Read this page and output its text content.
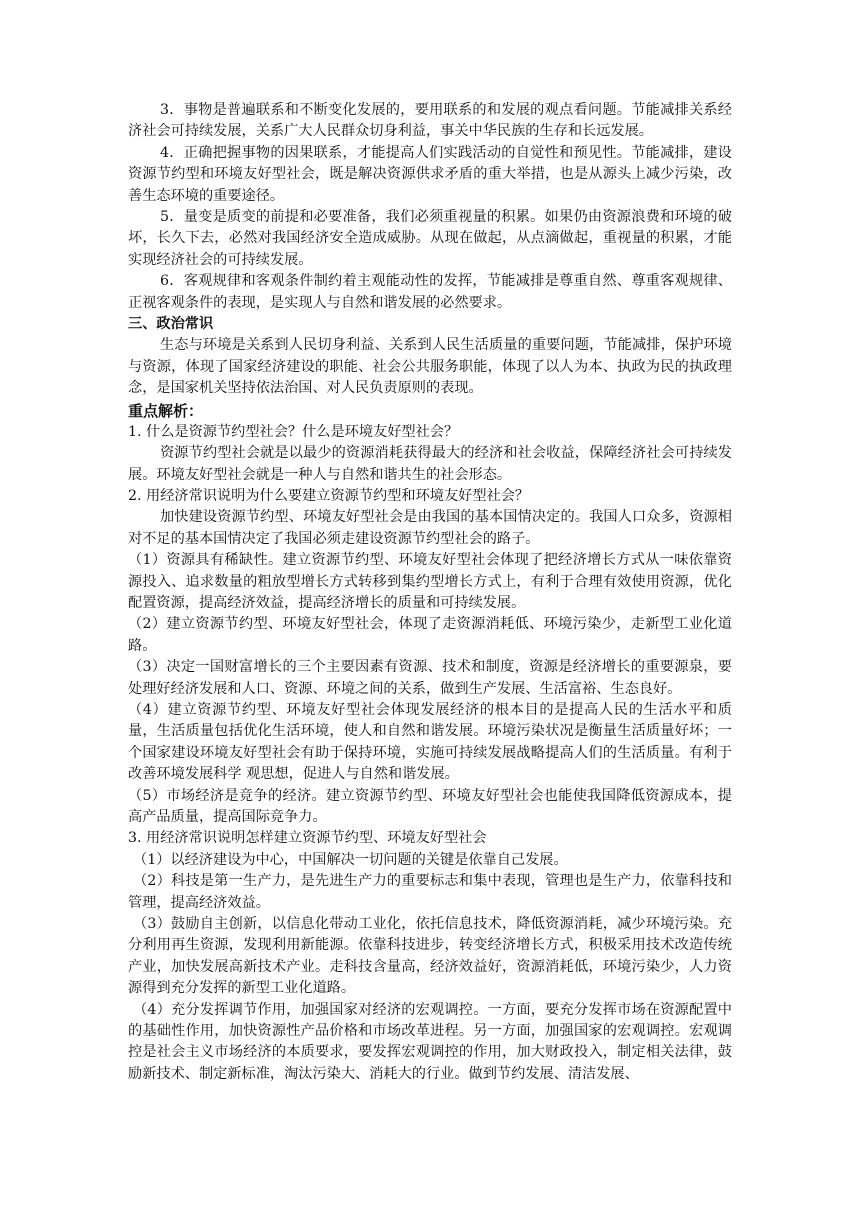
3．事物是普遍联系和不断变化发展的，要用联系的和发展的观点看问题。节能减排关系经济社会可持续发展，关系广大人民群众切身利益，事关中华民族的生存和长远发展。

4．正确把握事物的因果联系，才能提高人们实践活动的自觉性和预见性。节能减排，建设资源节约型和环境友好型社会，既是解决资源供求矛盾的重大举措，也是从源头上减少污染，改善生态环境的重要途径。

5．量变是质变的前提和必要准备，我们必须重视量的积累。如果仍由资源浪费和环境的破坏，长久下去，必然对我国经济安全造成威胁。从现在做起，从点滴做起，重视量的积累，才能实现经济社会的可持续发展。

6．客观规律和客观条件制约着主观能动性的发挥，节能减排是尊重自然、尊重客观规律、正视客观条件的表现，是实现人与自然和谐发展的必然要求。

三、政治常识

生态与环境是关系到人民切身利益、关系到人民生活质量的重要问题，节能减排，保护环境与资源，体现了国家经济建设的职能、社会公共服务职能，体现了以人为本、执政为民的执政理念，是国家机关坚持依法治国、对人民负责原则的表现。

重点解析：

1. 什么是资源节约型社会？什么是环境友好型社会？

资源节约型社会就是以最少的资源消耗获得最大的经济和社会收益，保障经济社会可持续发展。环境友好型社会就是一种人与自然和谐共生的社会形态。

2. 用经济常识说明为什么要建立资源节约型和环境友好型社会？

加快建设资源节约型、环境友好型社会是由我国的基本国情决定的。我国人口众多，资源相对不足的基本国情决定了我国必须走建设资源节约型社会的路子。

（1）资源具有稀缺性。建立资源节约型、环境友好型社会体现了把经济增长方式从一味依靠资源投入、追求数量的粗放型增长方式转移到集约型增长方式上，有利于合理有效使用资源，优化配置资源，提高经济效益，提高经济增长的质量和可持续发展。

（2）建立资源节约型、环境友好型社会，体现了走资源消耗低、环境污染少，走新型工业化道路。

（3）决定一国财富增长的三个主要因素有资源、技术和制度，资源是经济增长的重要源泉，要处理好经济发展和人口、资源、环境之间的关系，做到生产发展、生活富裕、生态良好。

（4）建立资源节约型、环境友好型社会体现发展经济的根本目的是提高人民的生活水平和质量，生活质量包括优化生活环境，使人和自然和谐发展。环境污染状况是衡量生活质量好坏；一个国家建设环境友好型社会有助于保持环境，实施可持续发展战略提高人们的生活质量。有利于改善环境发展科学 观思想，促进人与自然和谐发展。

（5）市场经济是竞争的经济。建立资源节约型、环境友好型社会也能使我国降低资源成本，提高产品质量，提高国际竞争力。

3. 用经济常识说明怎样建立资源节约型、环境友好型社会

（1）以经济建设为中心，中国解决一切问题的关键是依靠自己发展。

（2）科技是第一生产力，是先进生产力的重要标志和集中表现，管理也是生产力，依靠科技和管理，提高经济效益。

（3）鼓励自主创新，以信息化带动工业化，依托信息技术，降低资源消耗，减少环境污染。充分利用再生资源，发现利用新能源。依靠科技进步，转变经济增长方式，积极采用技术改造传统产业，加快发展高新技术产业。走科技含量高，经济效益好，资源消耗低，环境污染少，人力资源得到充分发挥的新型工业化道路。

（4）充分发挥调节作用，加强国家对经济的宏观调控。一方面，要充分发挥市场在资源配置中的基础性作用，加快资源性产品价格和市场改革进程。另一方面，加强国家的宏观调控。宏观调控是社会主义市场经济的本质要求，要发挥宏观调控的作用，加大财政投入，制定相关法律，鼓励新技术、制定新标准，淘汰污染大、消耗大的行业。做到节约发展、清洁发展、
